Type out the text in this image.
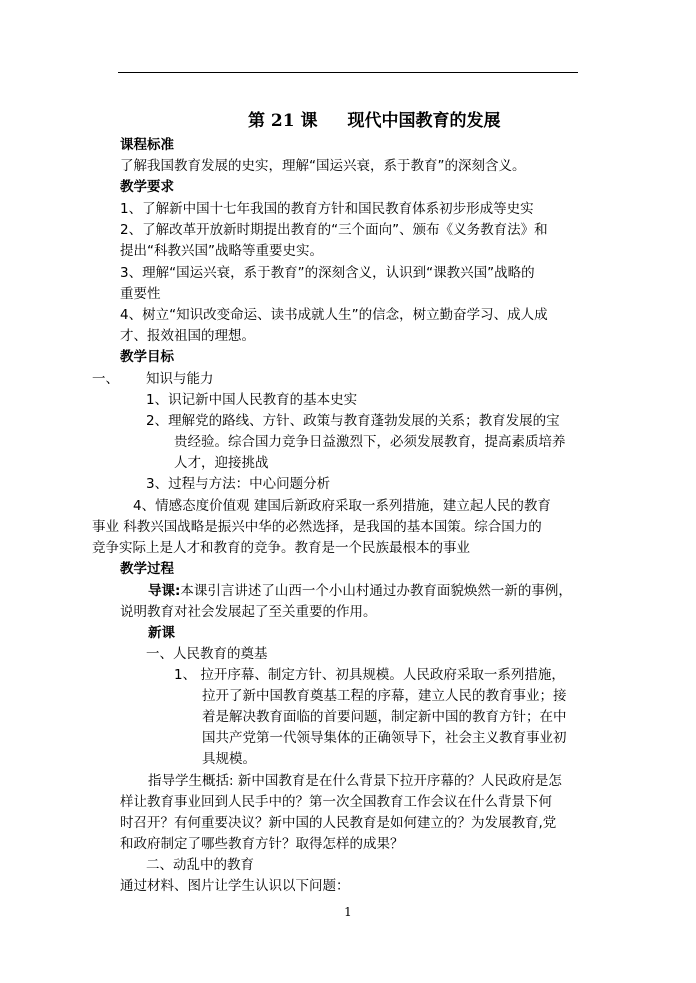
第 21 课 现代中国教育的发展
课程标准
了解我国教育发展的史实，理解“国运兴衰，系于教育”的深刻含义。
教学要求
1、了解新中国十七年我国的教育方针和国民教育体系初步形成等史实
2、了解改革开放新时期提出教育的“三个面向”、颁布《义务教育法》和
提出“科教兴国”战略等重要史实。
3、理解“国运兴衰，系于教育”的深刻含义，认识到“课教兴国”战略的
重要性
4、树立“知识改变命运、读书成就人生”的信念，树立勤奋学习、成人成
才、报效祖国的理想。
教学目标
一、 知识与能力
1、识记新中国人民教育的基本史实
2、理解党的路线、方针、政策与教育蓬勃发展的关系；教育发展的宝
贵经验。综合国力竞争日益激烈下，必须发展教育，提高素质培养
人才，迎接挑战
3、过程与方法：中心问题分析
4、情感态度价值观 建国后新政府采取一系列措施，建立起人民的教育
事业 科教兴国战略是振兴中华的必然选择，是我国的基本国策。综合国力的
竞争实际上是人才和教育的竞争。教育是一个民族最根本的事业
教学过程
导课:本课引言讲述了山西一个小山村通过办教育面貌焕然一新的事例，
说明教育对社会发展起了至关重要的作用。
新课
一、人民教育的奠基
1、 拉开序幕、制定方针、初具规模。人民政府采取一系列措施，
拉开了新中国教育奠基工程的序幕，建立人民的教育事业；接
着是解决教育面临的首要问题，制定新中国的教育方针；在中
国共产党第一代领导集体的正确领导下，社会主义教育事业初
具规模。
指导学生概括: 新中国教育是在什么背景下拉开序幕的？人民政府是怎
样让教育事业回到人民手中的？第一次全国教育工作会议在什么背景下何
时召开？有何重要决议？新中国的人民教育是如何建立的？为发展教育,党
和政府制定了哪些教育方针？取得怎样的成果？
二、动乱中的教育
通过材料、图片让学生认识以下问题：
1
